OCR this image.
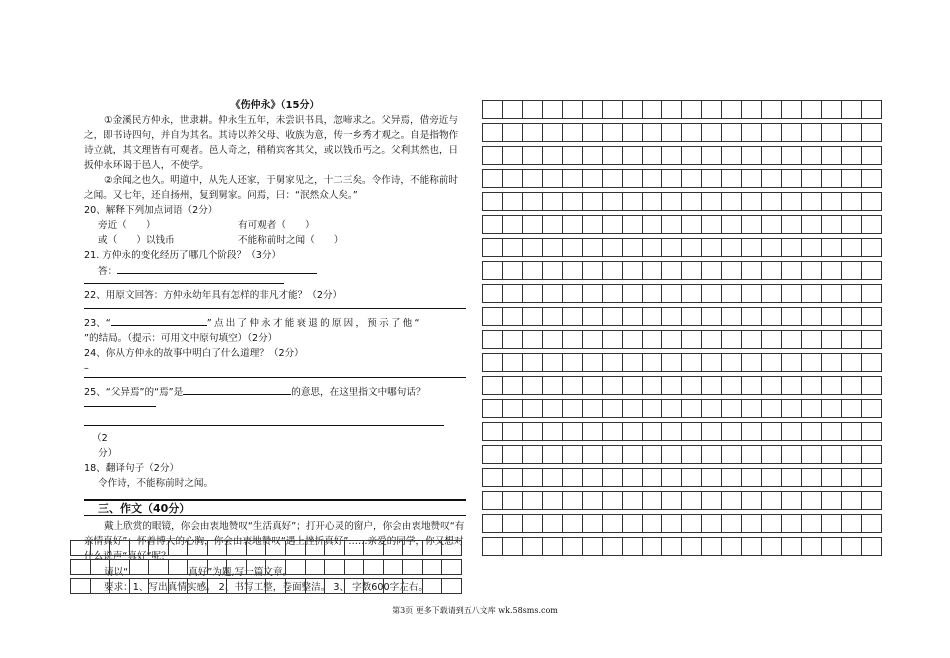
《伤仲永》（15分）

①金溪民方仲永，世隶耕。仲永生五年，未尝识书具，忽啼求之。父异焉，借旁近与之，即书诗四句，并自为其名。其诗以养父母、收族为意，传一乡秀才观之。自是指物作诗立就，其文理皆有可观者。邑人奇之，稍稍宾客其父，或以钱币丐之。父利其然也，日扳仲永环谒于邑人，不使学。

②余闻之也久。明道中，从先人还家，于舅家见之，十二三矣。令作诗，不能称前时之闻。又七年，还自扬州，复到舅家。问焉，曰：“泯然众人矣。”

20、解释下列加点词语（2分）

旁近（　　）	有可观者（　　）

或（　　）以钱币	不能称前时之闻（　　）

21. 方仲永的变化经历了哪几个阶段？（3分）

答：

22、用原文回答：方仲永幼年具有怎样的非凡才能？（2分）

23、“	”点出了仲永才能衰退的原因，预示了他“

”的结局。（提示：可用文中原句填空）（2分）

24、你从方仲永的故事中明白了什么道理？（2分）

–

25、“父异焉”的“焉”是	的意思，在这里指文中哪句话？

（2

分）

18、翻译句子（2分）

令作诗，不能称前时之闻。

三、作文（40分）

戴上欣赏的眼镜，你会由衷地赞叹“生活真好”；打开心灵的窗户，你会由衷地赞叹“有亲情真好”；怀着博大的心胸，你会由衷地赞叹“遇上挫折真好”……亲爱的同学，你又想对什么说声“真好”呢？

请以“	真好”为题,写一篇文章。

要求：1、写出真情实感。 2、书写工整，卷面整洁。 3、 字数600字左右。

第3页 更多下载请到五八文库 wk.58sms.com
